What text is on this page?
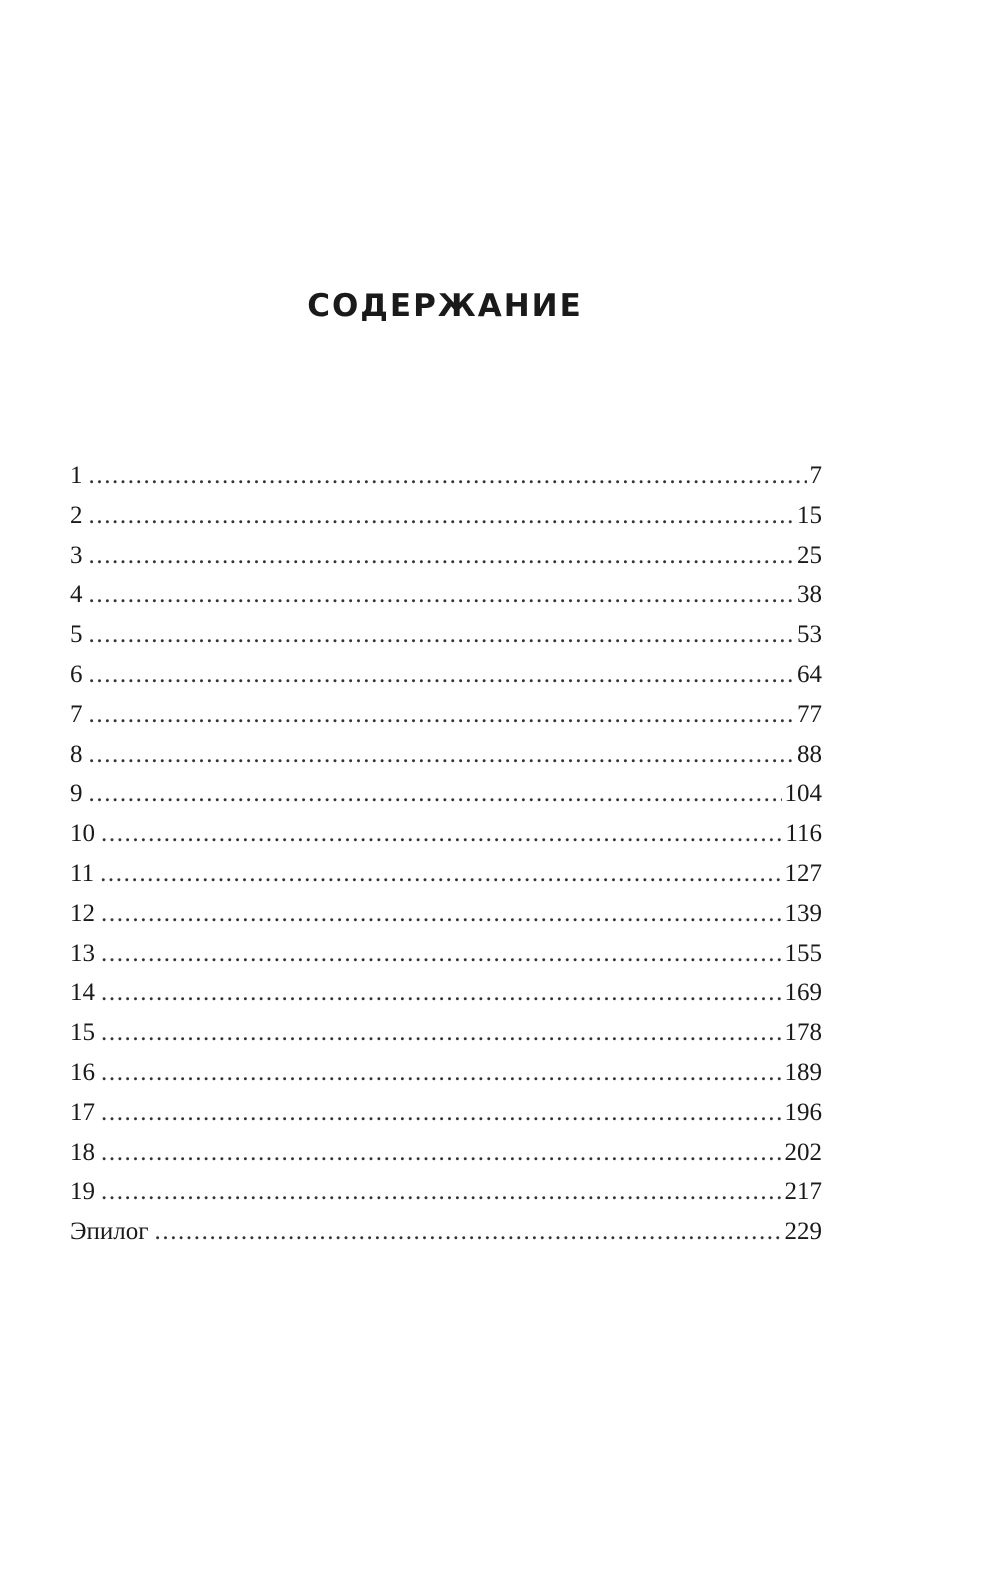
СОДЕРЖАНИЕ
1 .....	7
2 .....	15
3 .....	25
4 .....	38
5 .....	53
6 .....	64
7 .....	77
8 .....	88
9 .....	104
10 .....	116
11 .....	127
12 .....	139
13 .....	155
14 .....	169
15 .....	178
16 .....	189
17 .....	196
18 .....	202
19 .....	217
Эпилог .....	229
